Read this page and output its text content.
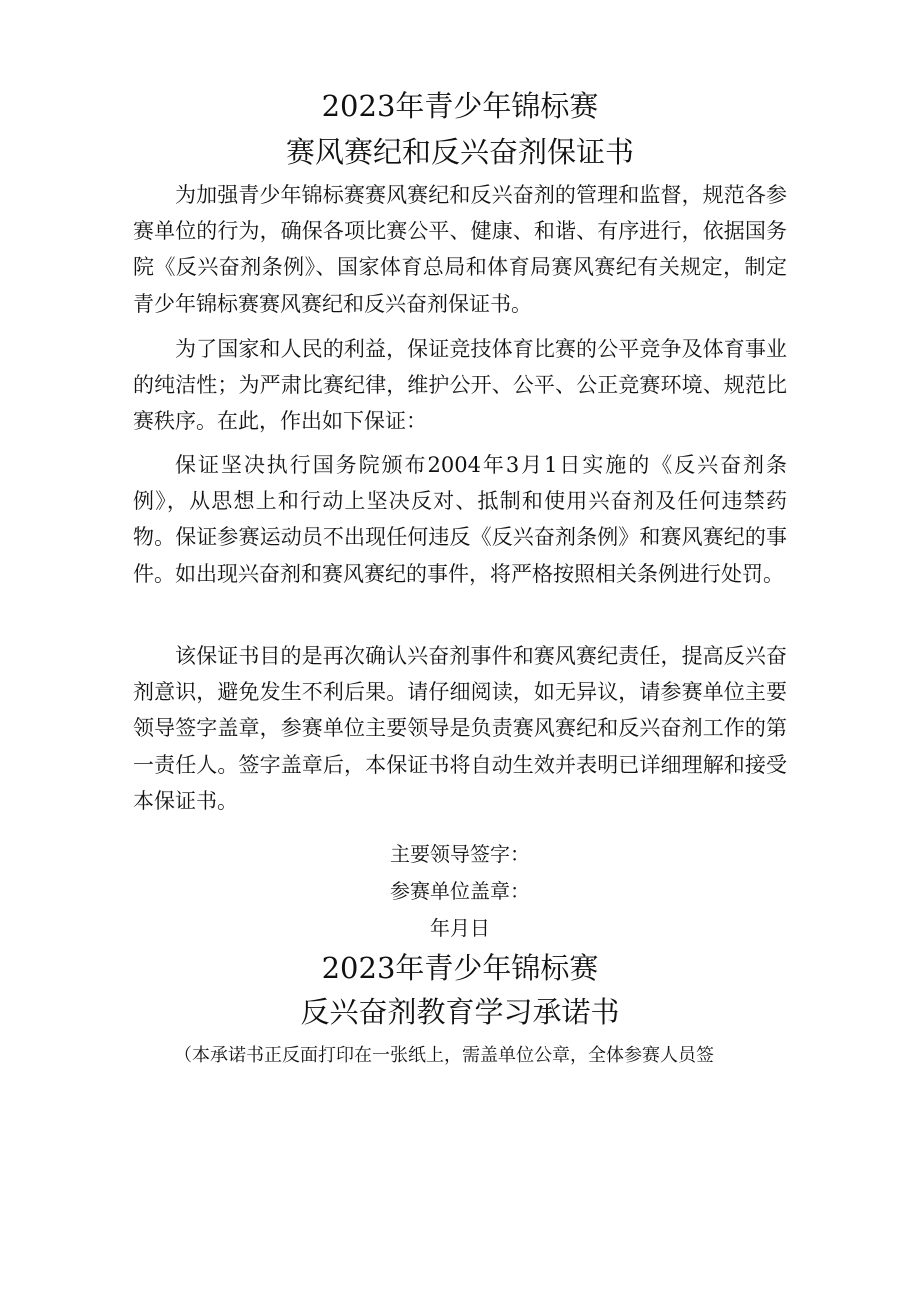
2023年青少年锦标赛
赛风赛纪和反兴奋剂保证书

为加强青少年锦标赛赛风赛纪和反兴奋剂的管理和监督，规范各参赛单位的行为，确保各项比赛公平、健康、和谐、有序进行，依据国务院《反兴奋剂条例》、国家体育总局和体育局赛风赛纪有关规定，制定青少年锦标赛赛风赛纪和反兴奋剂保证书。

为了国家和人民的利益，保证竞技体育比赛的公平竞争及体育事业的纯洁性；为严肃比赛纪律，维护公开、公平、公正竞赛环境、规范比赛秩序。在此，作出如下保证：

保证坚决执行国务院颁布2004年3月1日实施的《反兴奋剂条例》，从思想上和行动上坚决反对、抵制和使用兴奋剂及任何违禁药物。保证参赛运动员不出现任何违反《反兴奋剂条例》和赛风赛纪的事件。如出现兴奋剂和赛风赛纪的事件，将严格按照相关条例进行处罚。

该保证书目的是再次确认兴奋剂事件和赛风赛纪责任，提高反兴奋剂意识，避免发生不利后果。请仔细阅读，如无异议，请参赛单位主要领导签字盖章，参赛单位主要领导是负责赛风赛纪和反兴奋剂工作的第一责任人。签字盖章后，本保证书将自动生效并表明已详细理解和接受本保证书。

主要领导签字：
参赛单位盖章：
年月日
2023年青少年锦标赛
反兴奋剂教育学习承诺书
（本承诺书正反面打印在一张纸上，需盖单位公章，全体参赛人员签
